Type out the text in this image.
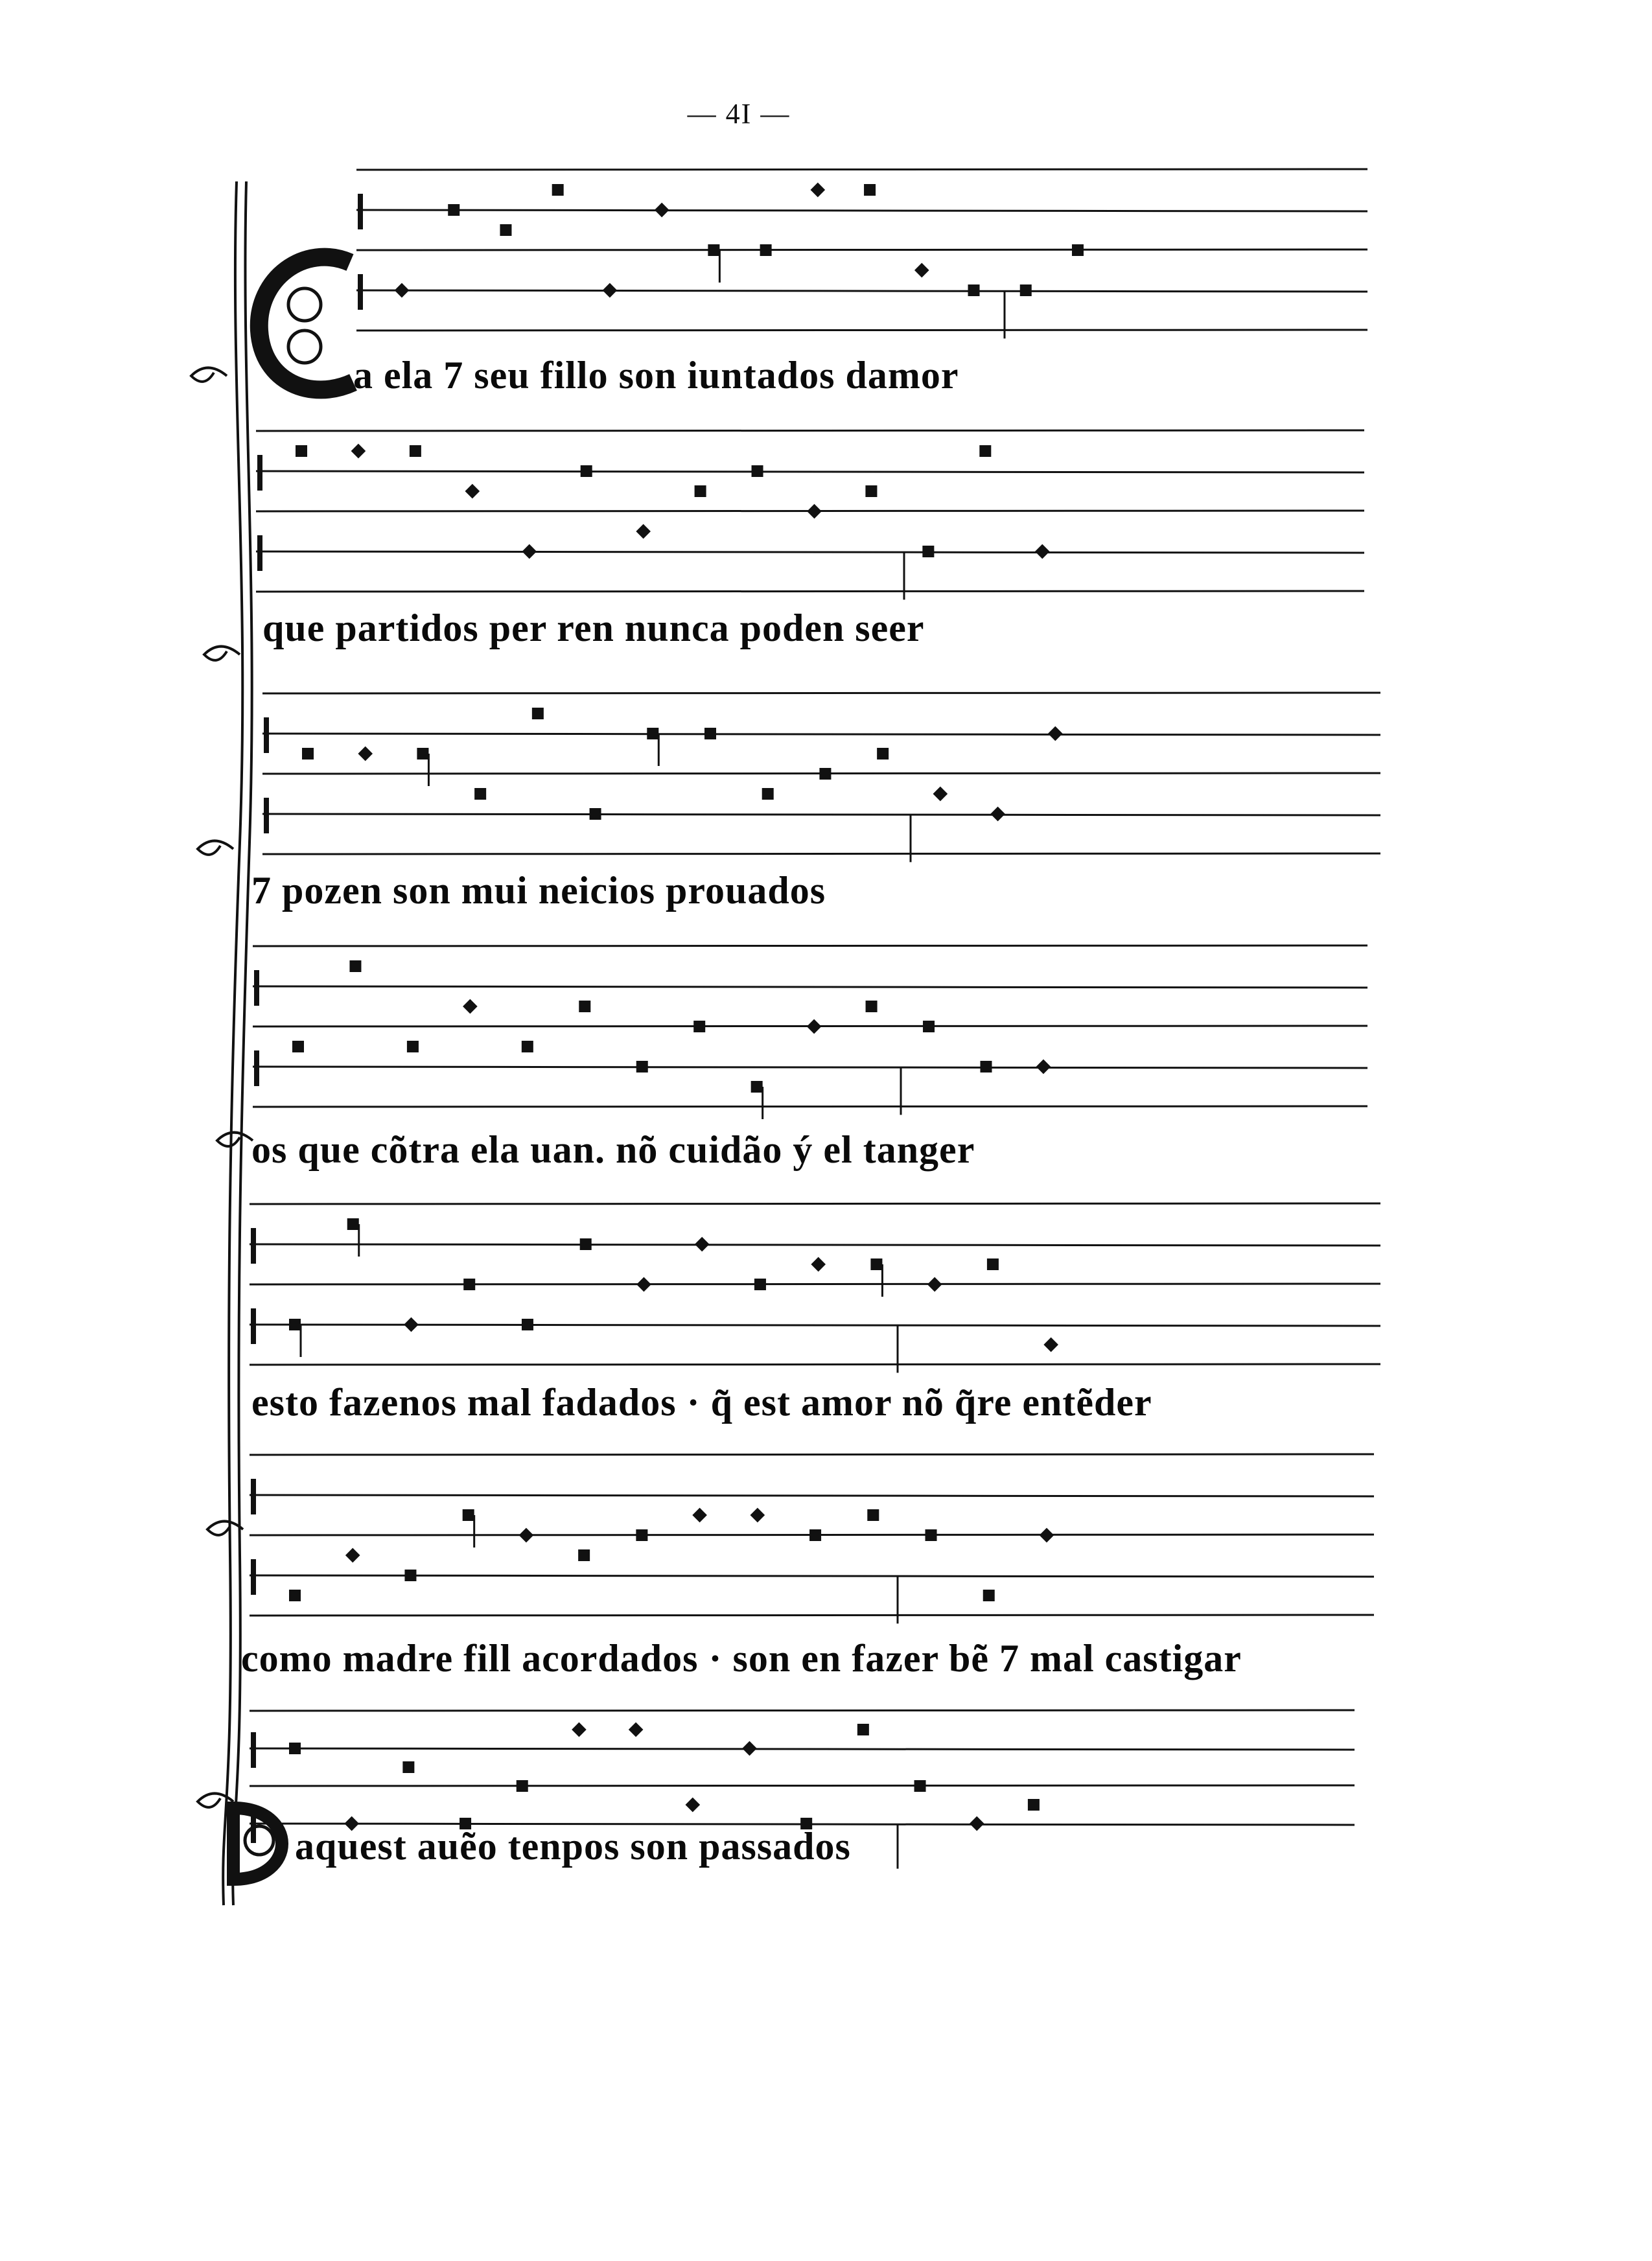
— 4I —
a ela 7 seu fillo son iuntados damor
que partidos per ren nunca poden seer
7 pozen son mui neicios prouados
os que cõtra ela uan. nõ cuidão ý el tanger
esto fazenos mal fadados · q̃ est amor nõ q̃re entẽder
como madre fill acordados · son en fazer bẽ 7 mal castigar
aquest auẽo tenpos son passados
